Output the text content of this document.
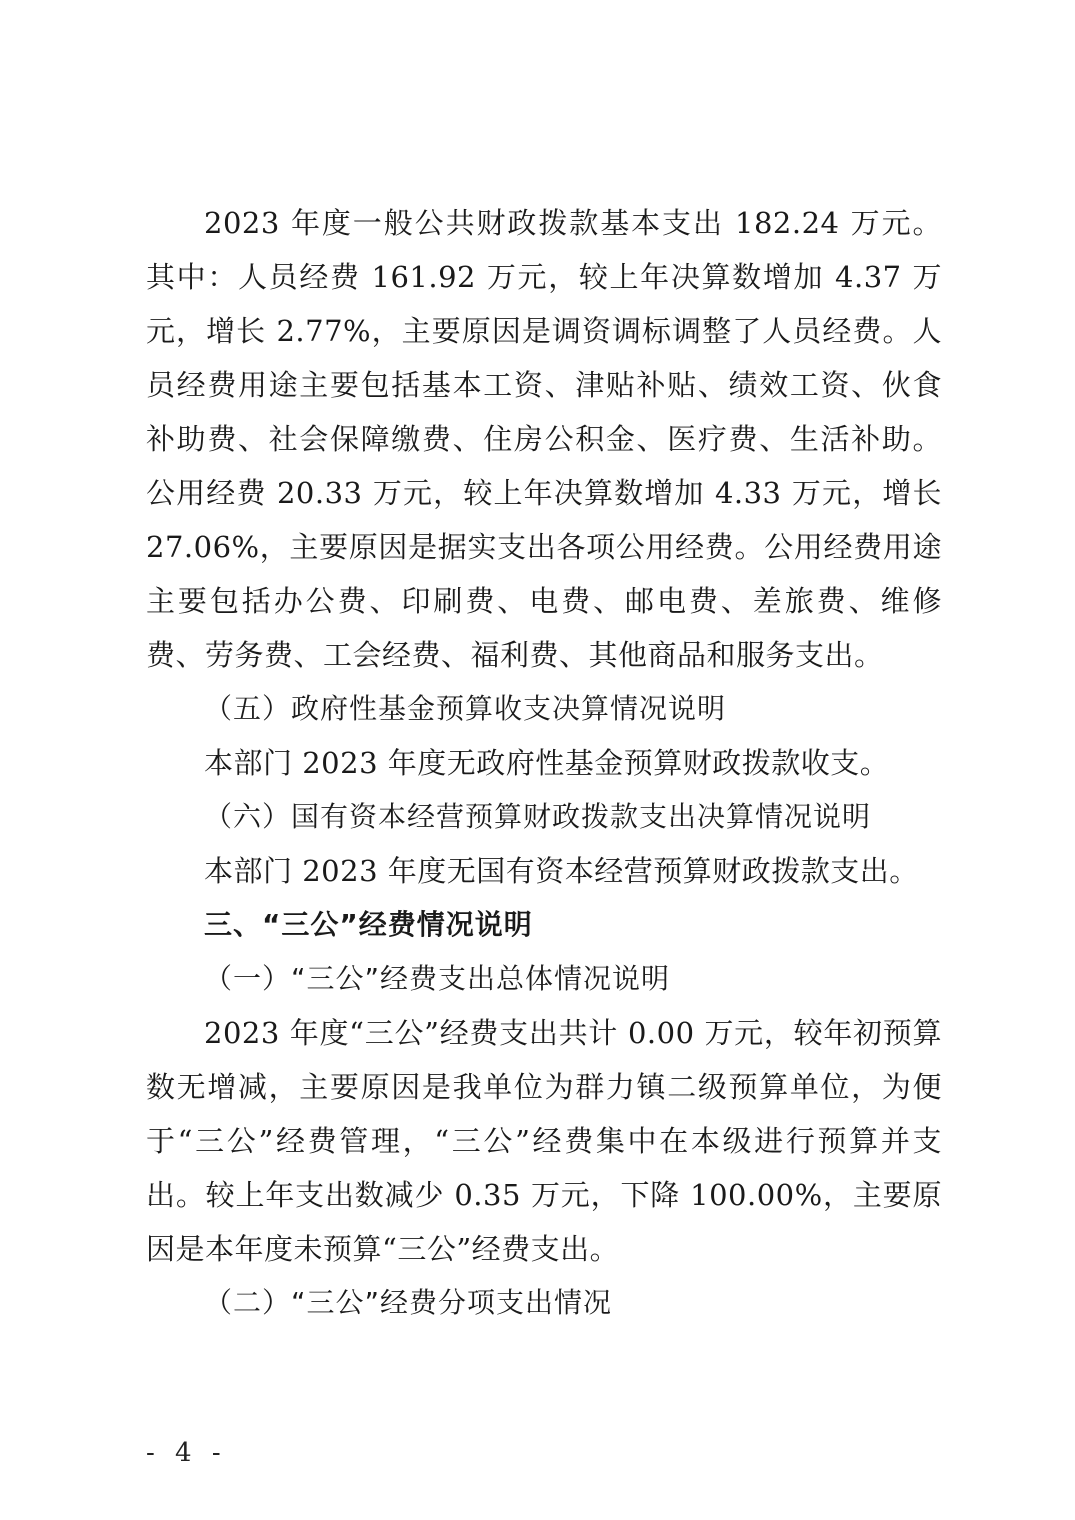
2023 年度一般公共财政拨款基本支出 182.24 万元。其中：人员经费 161.92 万元，较上年决算数增加 4.37 万元，增长 2.77%，主要原因是调资调标调整了人员经费。人员经费用途主要包括基本工资、津贴补贴、绩效工资、伙食补助费、社会保障缴费、住房公积金、医疗费、生活补助。公用经费 20.33 万元，较上年决算数增加 4.33 万元，增长 27.06%，主要原因是据实支出各项公用经费。公用经费用途主要包括办公费、印刷费、电费、邮电费、差旅费、维修费、劳务费、工会经费、福利费、其他商品和服务支出。

（五）政府性基金预算收支决算情况说明

本部门 2023 年度无政府性基金预算财政拨款收支。

（六）国有资本经营预算财政拨款支出决算情况说明

本部门 2023 年度无国有资本经营预算财政拨款支出。

三、“三公”经费情况说明

（一）“三公”经费支出总体情况说明

2023 年度“三公”经费支出共计 0.00 万元，较年初预算数无增减，主要原因是我单位为群力镇二级预算单位，为便于“三公”经费管理，“三公”经费集中在本级进行预算并支出。较上年支出数减少 0.35 万元，下降 100.00%，主要原因是本年度未预算“三公”经费支出。

（二）“三公”经费分项支出情况

- 4 -
